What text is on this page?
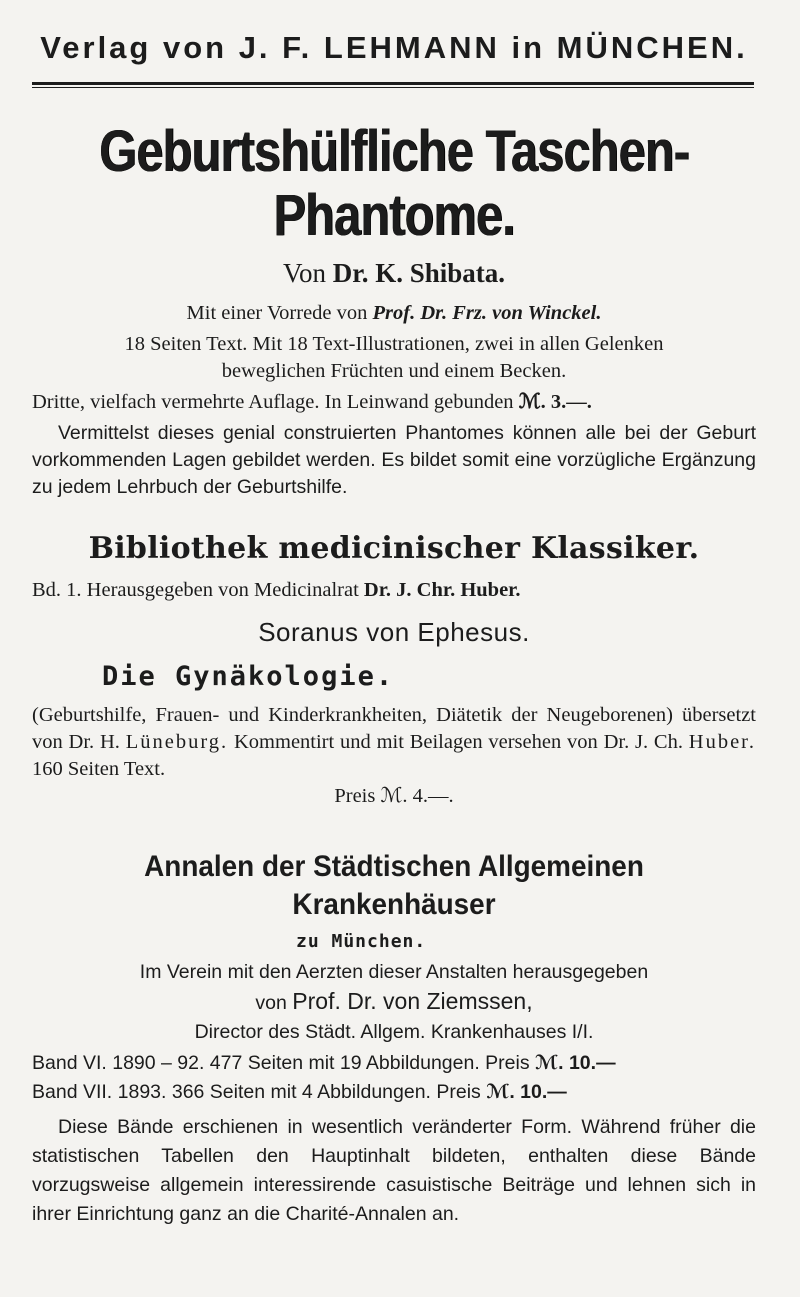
Verlag von J. F. LEHMANN in MÜNCHEN.
Geburtshülfliche Taschen-Phantome.
Von Dr. K. Shibata.

Mit einer Vorrede von Prof. Dr. Frz. von Winckel.

18 Seiten Text. Mit 18 Text-Illustrationen, zwei in allen Gelenken

beweglichen Früchten und einem Becken.

Dritte, vielfach vermehrte Auflage. In Leinwand gebunden ℳ. 3.—.

Vermittelst dieses genial construierten Phantomes können alle bei der Geburt vorkommenden Lagen gebildet werden. Es bildet somit eine vorzügliche Ergänzung zu jedem Lehrbuch der Geburtshilfe.

Bibliothek medicinischer Klassiker.

Bd. 1. Herausgegeben von Medicinalrat Dr. J. Chr. Huber.

Soranus von Ephesus.
Die Gynäkologie.

(Geburtshilfe, Frauen- und Kinderkrankheiten, Diätetik der Neugeborenen) übersetzt von Dr. H. Lüneburg. Kommentirt und mit Beilagen versehen von Dr. J. Ch. Huber. 160 Seiten Text.

Preis ℳ. 4.—.

Annalen der Städtischen Allgemeinen Krankenhäuser
zu München.

Im Verein mit den Aerzten dieser Anstalten herausgegeben

von Prof. Dr. von Ziemssen,

Director des Städt. Allgem. Krankenhauses I/I.

Band VI. 1890 – 92. 477 Seiten mit 19 Abbildungen. Preis ℳ. 10.—

Band VII. 1893. 366 Seiten mit 4 Abbildungen. Preis ℳ. 10.—

Diese Bände erschienen in wesentlich veränderter Form. Während früher die statistischen Tabellen den Hauptinhalt bildeten, enthalten diese Bände vorzugsweise allgemein interessirende casuistische Beiträge und lehnen sich in ihrer Einrichtung ganz an die Charité-Annalen an.
